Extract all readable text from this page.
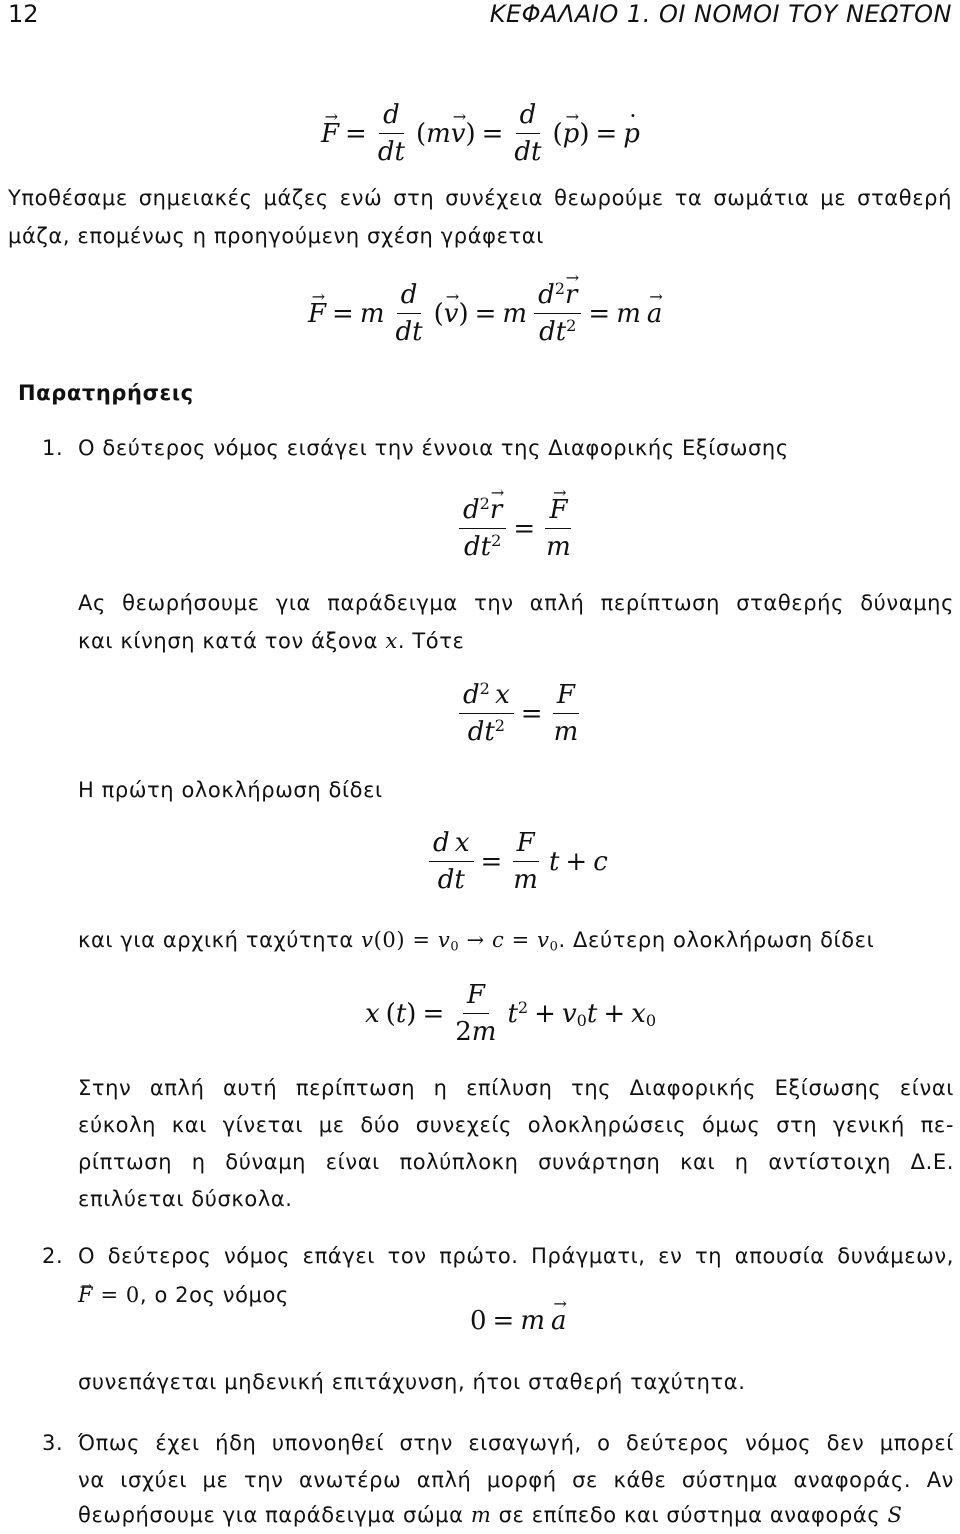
12	ΚΕΦΑΛΑΙΟ 1. ΟΙ ΝΟΜΟΙ ΤΟΥ ΝΕΩΤΟΝ
→ $F = \frac{d}{dt} (m\to v) = \frac{d}{dt}$ (→ p) =
· p
Υποθέσαμε σημειακές μάζες ενώ στη συνέχεια θεωρούμε τα σωμάτια με σταθερή
μάζα, επομένως η προηγούμενη σχέση γράφεται
→ F = m $\frac{d}{dt}$ (→ v) = m $\frac{d^2\to r}{dt^2} = m$
→ a
Παρατηρήσεις
1. Ο δεύτερος νόμος εισάγει την έννοια της Διαφορικής Εξίσωσης
$\frac{d^2\to r}{dt^2}$ =
→ $\frac{F}{m}$
Ας θεωρήσουμε για παράδειγμα την απλή περίπτωση σταθερής δύναμης
και κίνηση κατά τον άξονα x. Τότε
$\frac{d^2 x}{dt^2} = \frac{F}{m}$
Η πρώτη ολοκλήρωση δίδει
$\frac{\text{d x}}{dt} = \frac{F}{m}$ t + c
και για αρχική ταχύτητα $v(0) = v_0 \to c = v_0$. Δεύτερη ολοκλήρωση δίδει
x $(t) = \frac{F}{2m} t^2 + v_0t + x_0$
Στην απλή αυτή περίπτωση η επίλυση της Διαφορικής Εξίσωσης είναι
εύκολη και γίνεται με δύο συνεχείς ολοκληρώσεις όμως στη γενική πε-
ρίπτωση η δύναμη είναι πολύπλοκη συνάρτηση και η αντίστοιχη Δ.Ε.
επιλύεται δύσκολα.
2. Ο δεύτερος νόμος επάγει τον πρώτο. Πράγματι, εν τη απουσία δυνάμεων,
→ F = 0, ο 2ος νόμος
0 = m
→ a
συνεπάγεται μηδενική επιτάχυνση, ήτοι σταθερή ταχύτητα.
3. Όπως έχει ήδη υπονοηθεί στην εισαγωγή, ο δεύτερος νόμος δεν μπορεί
να ισχύει με την ανωτέρω απλή μορφή σε κάθε σύστημα αναφοράς. Αν
θεωρήσουμε για παράδειγμα σώμα m σε επίπεδο και σύστημα αναφοράς S
